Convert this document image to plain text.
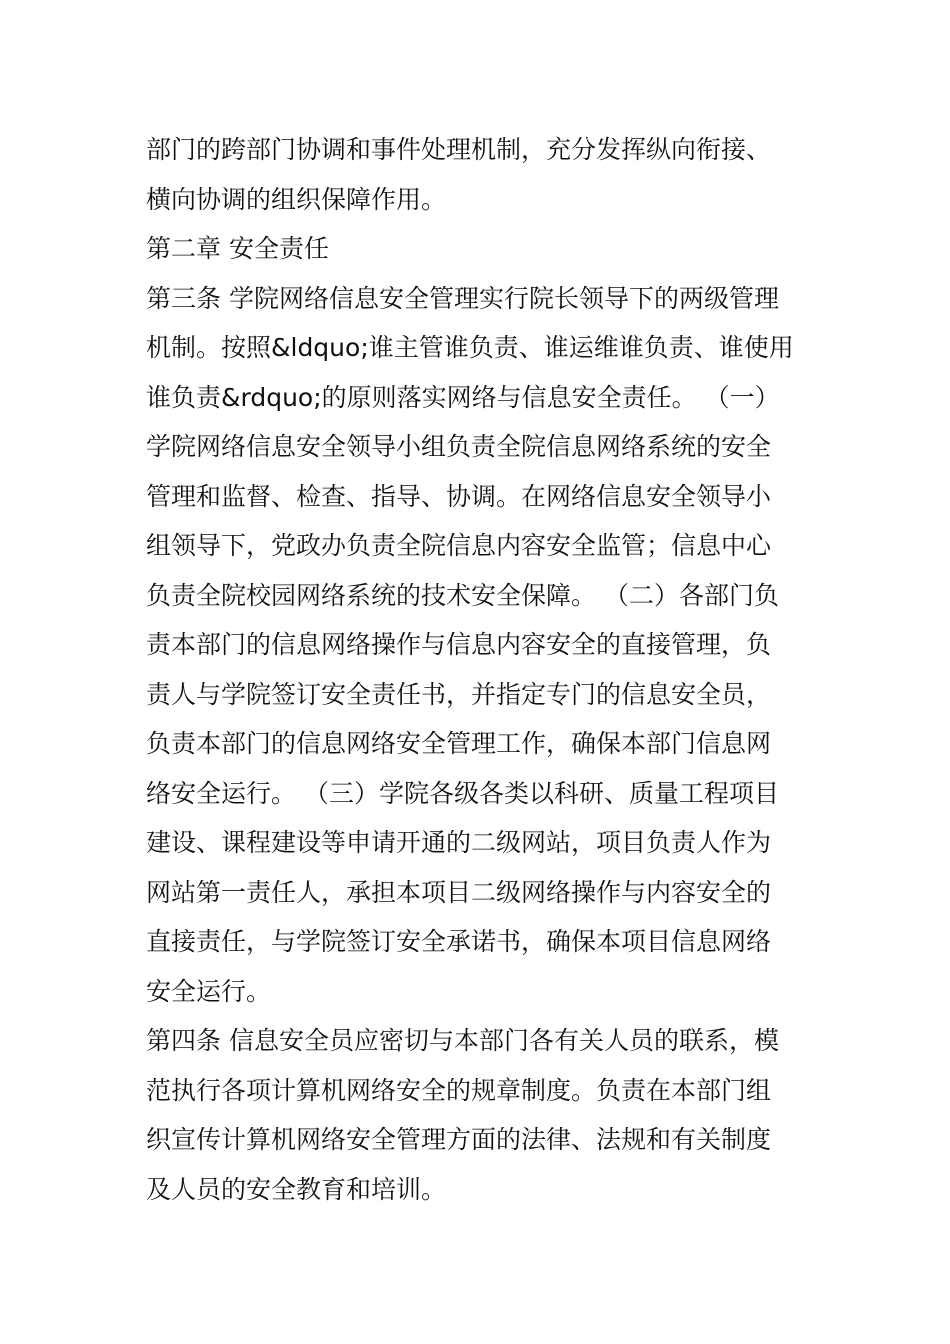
部门的跨部门协调和事件处理机制，充分发挥纵向衔接、
横向协调的组织保障作用。
第二章 安全责任
第三条 学院网络信息安全管理实行院长领导下的两级管理
机制。按照&ldquo;谁主管谁负责、谁运维谁负责、谁使用
谁负责&rdquo;的原则落实网络与信息安全责任。 （一）
学院网络信息安全领导小组负责全院信息网络系统的安全
管理和监督、检查、指导、协调。在网络信息安全领导小
组领导下，党政办负责全院信息内容安全监管；信息中心
负责全院校园网络系统的技术安全保障。 （二）各部门负
责本部门的信息网络操作与信息内容安全的直接管理，负
责人与学院签订安全责任书，并指定专门的信息安全员，
负责本部门的信息网络安全管理工作，确保本部门信息网
络安全运行。 （三）学院各级各类以科研、质量工程项目
建设、课程建设等申请开通的二级网站，项目负责人作为
网站第一责任人，承担本项目二级网络操作与内容安全的
直接责任，与学院签订安全承诺书，确保本项目信息网络
安全运行。
第四条 信息安全员应密切与本部门各有关人员的联系，模
范执行各项计算机网络安全的规章制度。负责在本部门组
织宣传计算机网络安全管理方面的法律、法规和有关制度
及人员的安全教育和培训。
